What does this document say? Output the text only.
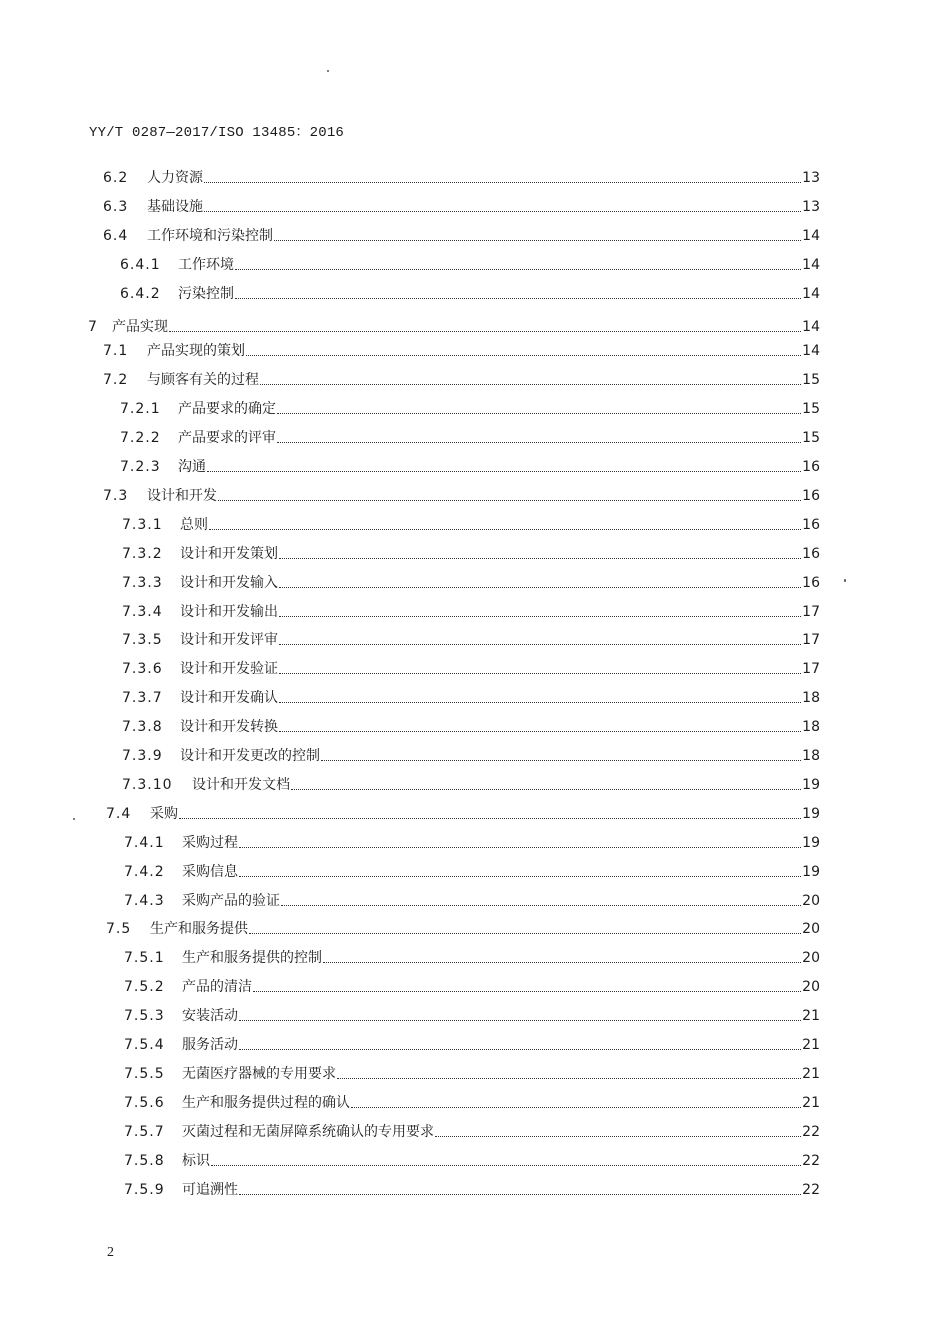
YY/T 0287—2017/ISO 13485：2016
6.2	人力资源	13
6.3	基础设施	13
6.4	工作环境和污染控制	14
6.4.1	工作环境	14
6.4.2	污染控制	14
7	产品实现	14
7.1	产品实现的策划	14
7.2	与顾客有关的过程	15
7.2.1	产品要求的确定	15
7.2.2	产品要求的评审	15
7.2.3	沟通	16
7.3	设计和开发	16
7.3.1	总则	16
7.3.2	设计和开发策划	16
7.3.3	设计和开发输入	16
7.3.4	设计和开发输出	17
7.3.5	设计和开发评审	17
7.3.6	设计和开发验证	17
7.3.7	设计和开发确认	18
7.3.8	设计和开发转换	18
7.3.9	设计和开发更改的控制	18
7.3.10	设计和开发文档	19
7.4	采购	19
7.4.1	采购过程	19
7.4.2	采购信息	19
7.4.3	采购产品的验证	20
7.5	生产和服务提供	20
7.5.1	生产和服务提供的控制	20
7.5.2	产品的清洁	20
7.5.3	安装活动	21
7.5.4	服务活动	21
7.5.5	无菌医疗器械的专用要求	21
7.5.6	生产和服务提供过程的确认	21
7.5.7	灭菌过程和无菌屏障系统确认的专用要求	22
7.5.8	标识	22
7.5.9	可追溯性	22
2
